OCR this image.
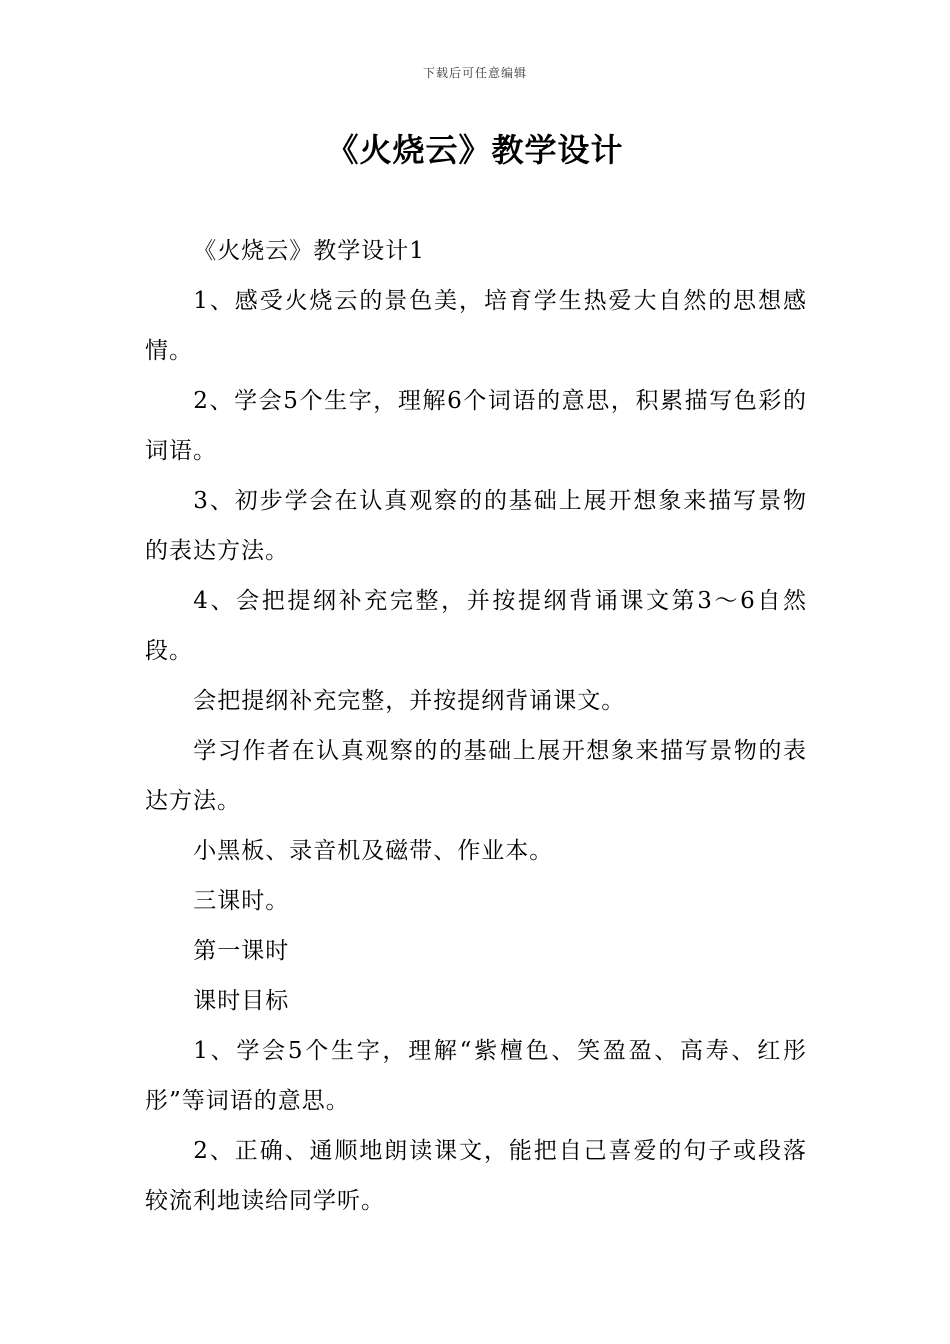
下载后可任意编辑
《火烧云》教学设计

《火烧云》教学设计1

1、感受火烧云的景色美，培育学生热爱大自然的思想感情。

2、学会5个生字，理解6个词语的意思，积累描写色彩的词语。

3、初步学会在认真观察的的基础上展开想象来描写景物的表达方法。

4、会把提纲补充完整，并按提纲背诵课文第3～6自然段。

会把提纲补充完整，并按提纲背诵课文。

学习作者在认真观察的的基础上展开想象来描写景物的表达方法。

小黑板、录音机及磁带、作业本。

三课时。

第一课时

课时目标

1、学会5个生字，理解“紫檀色、笑盈盈、高寿、红彤彤”等词语的意思。

2、正确、通顺地朗读课文，能把自己喜爱的句子或段落较流利地读给同学听。
